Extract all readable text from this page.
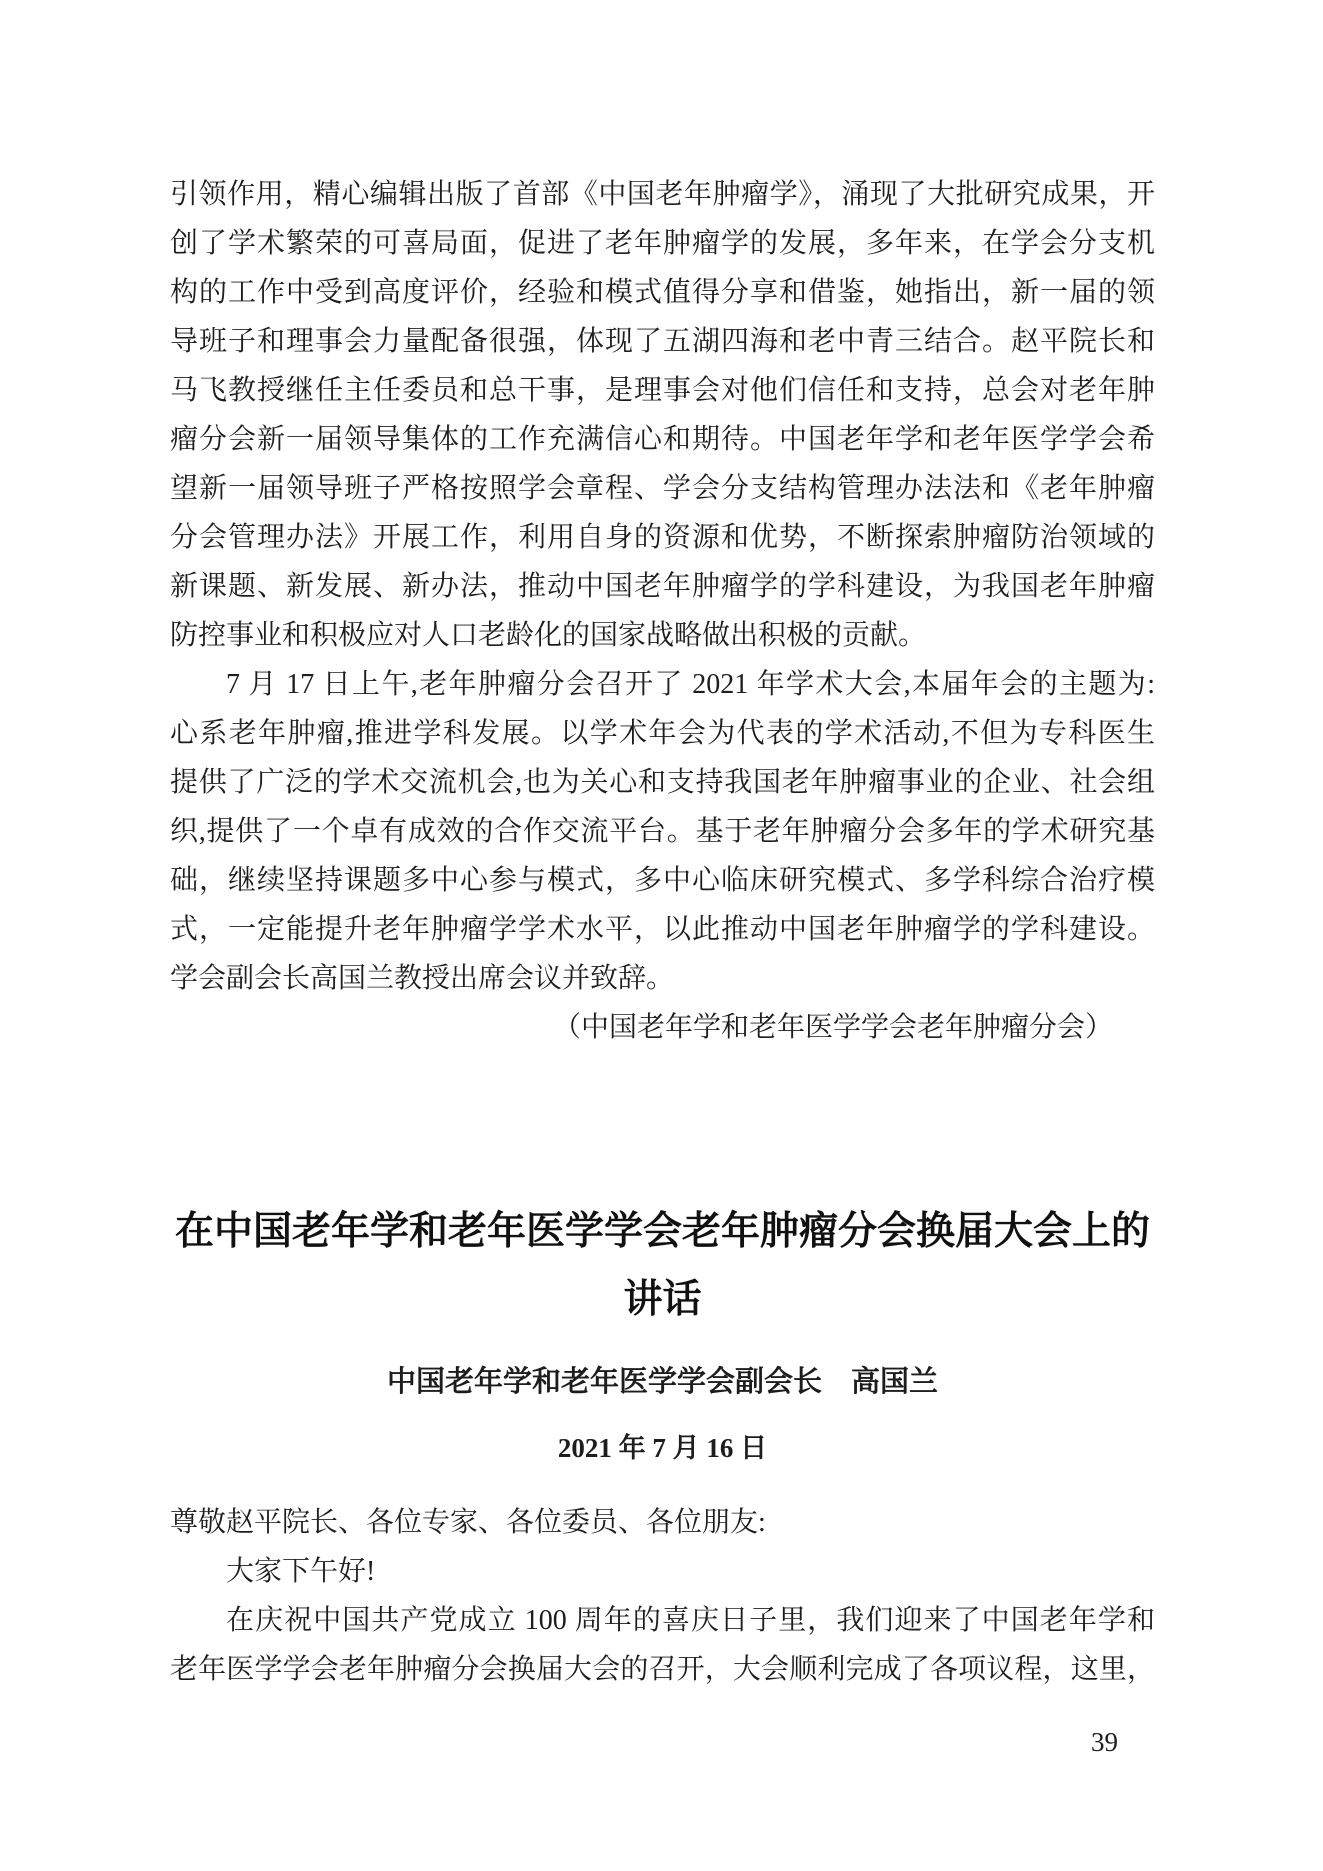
引领作用，精心编辑出版了首部《中国老年肿瘤学》，涌现了大批研究成果，开
创了学术繁荣的可喜局面，促进了老年肿瘤学的发展，多年来，在学会分支机
构的工作中受到高度评价，经验和模式值得分享和借鉴，她指出，新一届的领
导班子和理事会力量配备很强，体现了五湖四海和老中青三结合。赵平院长和
马飞教授继任主任委员和总干事，是理事会对他们信任和支持，总会对老年肿
瘤分会新一届领导集体的工作充满信心和期待。中国老年学和老年医学学会希
望新一届领导班子严格按照学会章程、学会分支结构管理办法法和《老年肿瘤
分会管理办法》开展工作，利用自身的资源和优势，不断探索肿瘤防治领域的
新课题、新发展、新办法，推动中国老年肿瘤学的学科建设，为我国老年肿瘤
防控事业和积极应对人口老龄化的国家战略做出积极的贡献。
7 月 17 日上午,老年肿瘤分会召开了 2021 年学术大会,本届年会的主题为:
心系老年肿瘤,推进学科发展。以学术年会为代表的学术活动,不但为专科医生
提供了广泛的学术交流机会,也为关心和支持我国老年肿瘤事业的企业、社会组
织,提供了一个卓有成效的合作交流平台。基于老年肿瘤分会多年的学术研究基
础，继续坚持课题多中心参与模式，多中心临床研究模式、多学科综合治疗模
式，一定能提升老年肿瘤学学术水平，以此推动中国老年肿瘤学的学科建设。
学会副会长高国兰教授出席会议并致辞。
（中国老年学和老年医学学会老年肿瘤分会）
在中国老年学和老年医学学会老年肿瘤分会换届大会上的
讲话
中国老年学和老年医学学会副会长　高国兰
2021 年 7 月 16 日
尊敬赵平院长、各位专家、各位委员、各位朋友:
大家下午好!
在庆祝中国共产党成立 100 周年的喜庆日子里，我们迎来了中国老年学和
老年医学学会老年肿瘤分会换届大会的召开，大会顺利完成了各项议程，这里，
39
